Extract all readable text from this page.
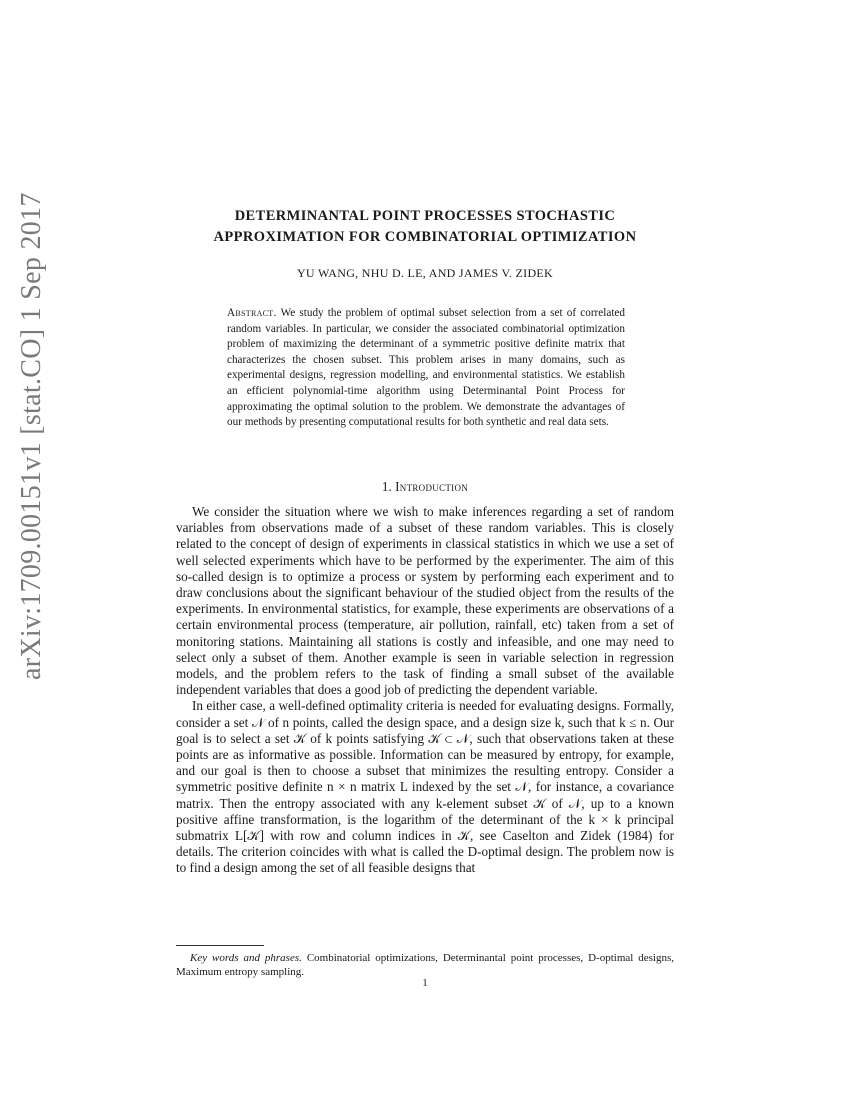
arXiv:1709.00151v1 [stat.CO] 1 Sep 2017	DETERMINANTAL POINT PROCESSES STOCHASTIC
APPROXIMATION FOR COMBINATORIAL OPTIMIZATION
YU WANG, NHU D. LE, AND JAMES V. ZIDEK
Abstract. We study the problem of optimal subset selection from a set of correlated random variables. In particular, we consider the associated combinatorial optimization problem of maximizing the determinant of a symmetric positive definite matrix that characterizes the chosen subset. This problem arises in many domains, such as experimental designs, regression modelling, and environmental statistics. We establish an efficient polynomial-time algorithm using Determinantal Point Process for approximating the optimal solution to the problem. We demonstrate the advantages of our methods by presenting computational results for both synthetic and real data sets.
1. Introduction

We consider the situation where we wish to make inferences regarding a set of random variables from observations made of a subset of these random variables. This is closely related to the concept of design of experiments in classical statistics in which we use a set of well selected experiments which have to be performed by the experimenter. The aim of this so-called design is to optimize a process or system by performing each experiment and to draw conclusions about the significant behaviour of the studied object from the results of the experiments. In environmental statistics, for example, these experiments are observations of a certain environmental process (temperature, air pollution, rainfall, etc) taken from a set of monitoring stations. Maintaining all stations is costly and infeasible, and one may need to select only a subset of them. Another example is seen in variable selection in regression models, and the problem refers to the task of finding a small subset of the available independent variables that does a good job of predicting the dependent variable.

In either case, a well-defined optimality criteria is needed for evaluating designs. Formally, consider a set 𝒩 of n points, called the design space, and a design size k, such that k ≤ n. Our goal is to select a set 𝒦 of k points satisfying 𝒦 ⊂ 𝒩, such that observations taken at these points are as informative as possible. Information can be measured by entropy, for example, and our goal is then to choose a subset that minimizes the resulting entropy. Consider a symmetric positive definite n × n matrix L indexed by the set 𝒩, for instance, a covariance matrix. Then the entropy associated with any k-element subset 𝒦 of 𝒩, up to a known positive affine transformation, is the logarithm of the determinant of the k × k principal submatrix L[𝒦] with row and column indices in 𝒦, see Caselton and Zidek (1984) for details. The criterion coincides with what is called the D-optimal design. The problem now is to find a design among the set of all feasible designs that

Key words and phrases. Combinatorial optimizations, Determinantal point processes, D-optimal designs, Maximum entropy sampling.
1
